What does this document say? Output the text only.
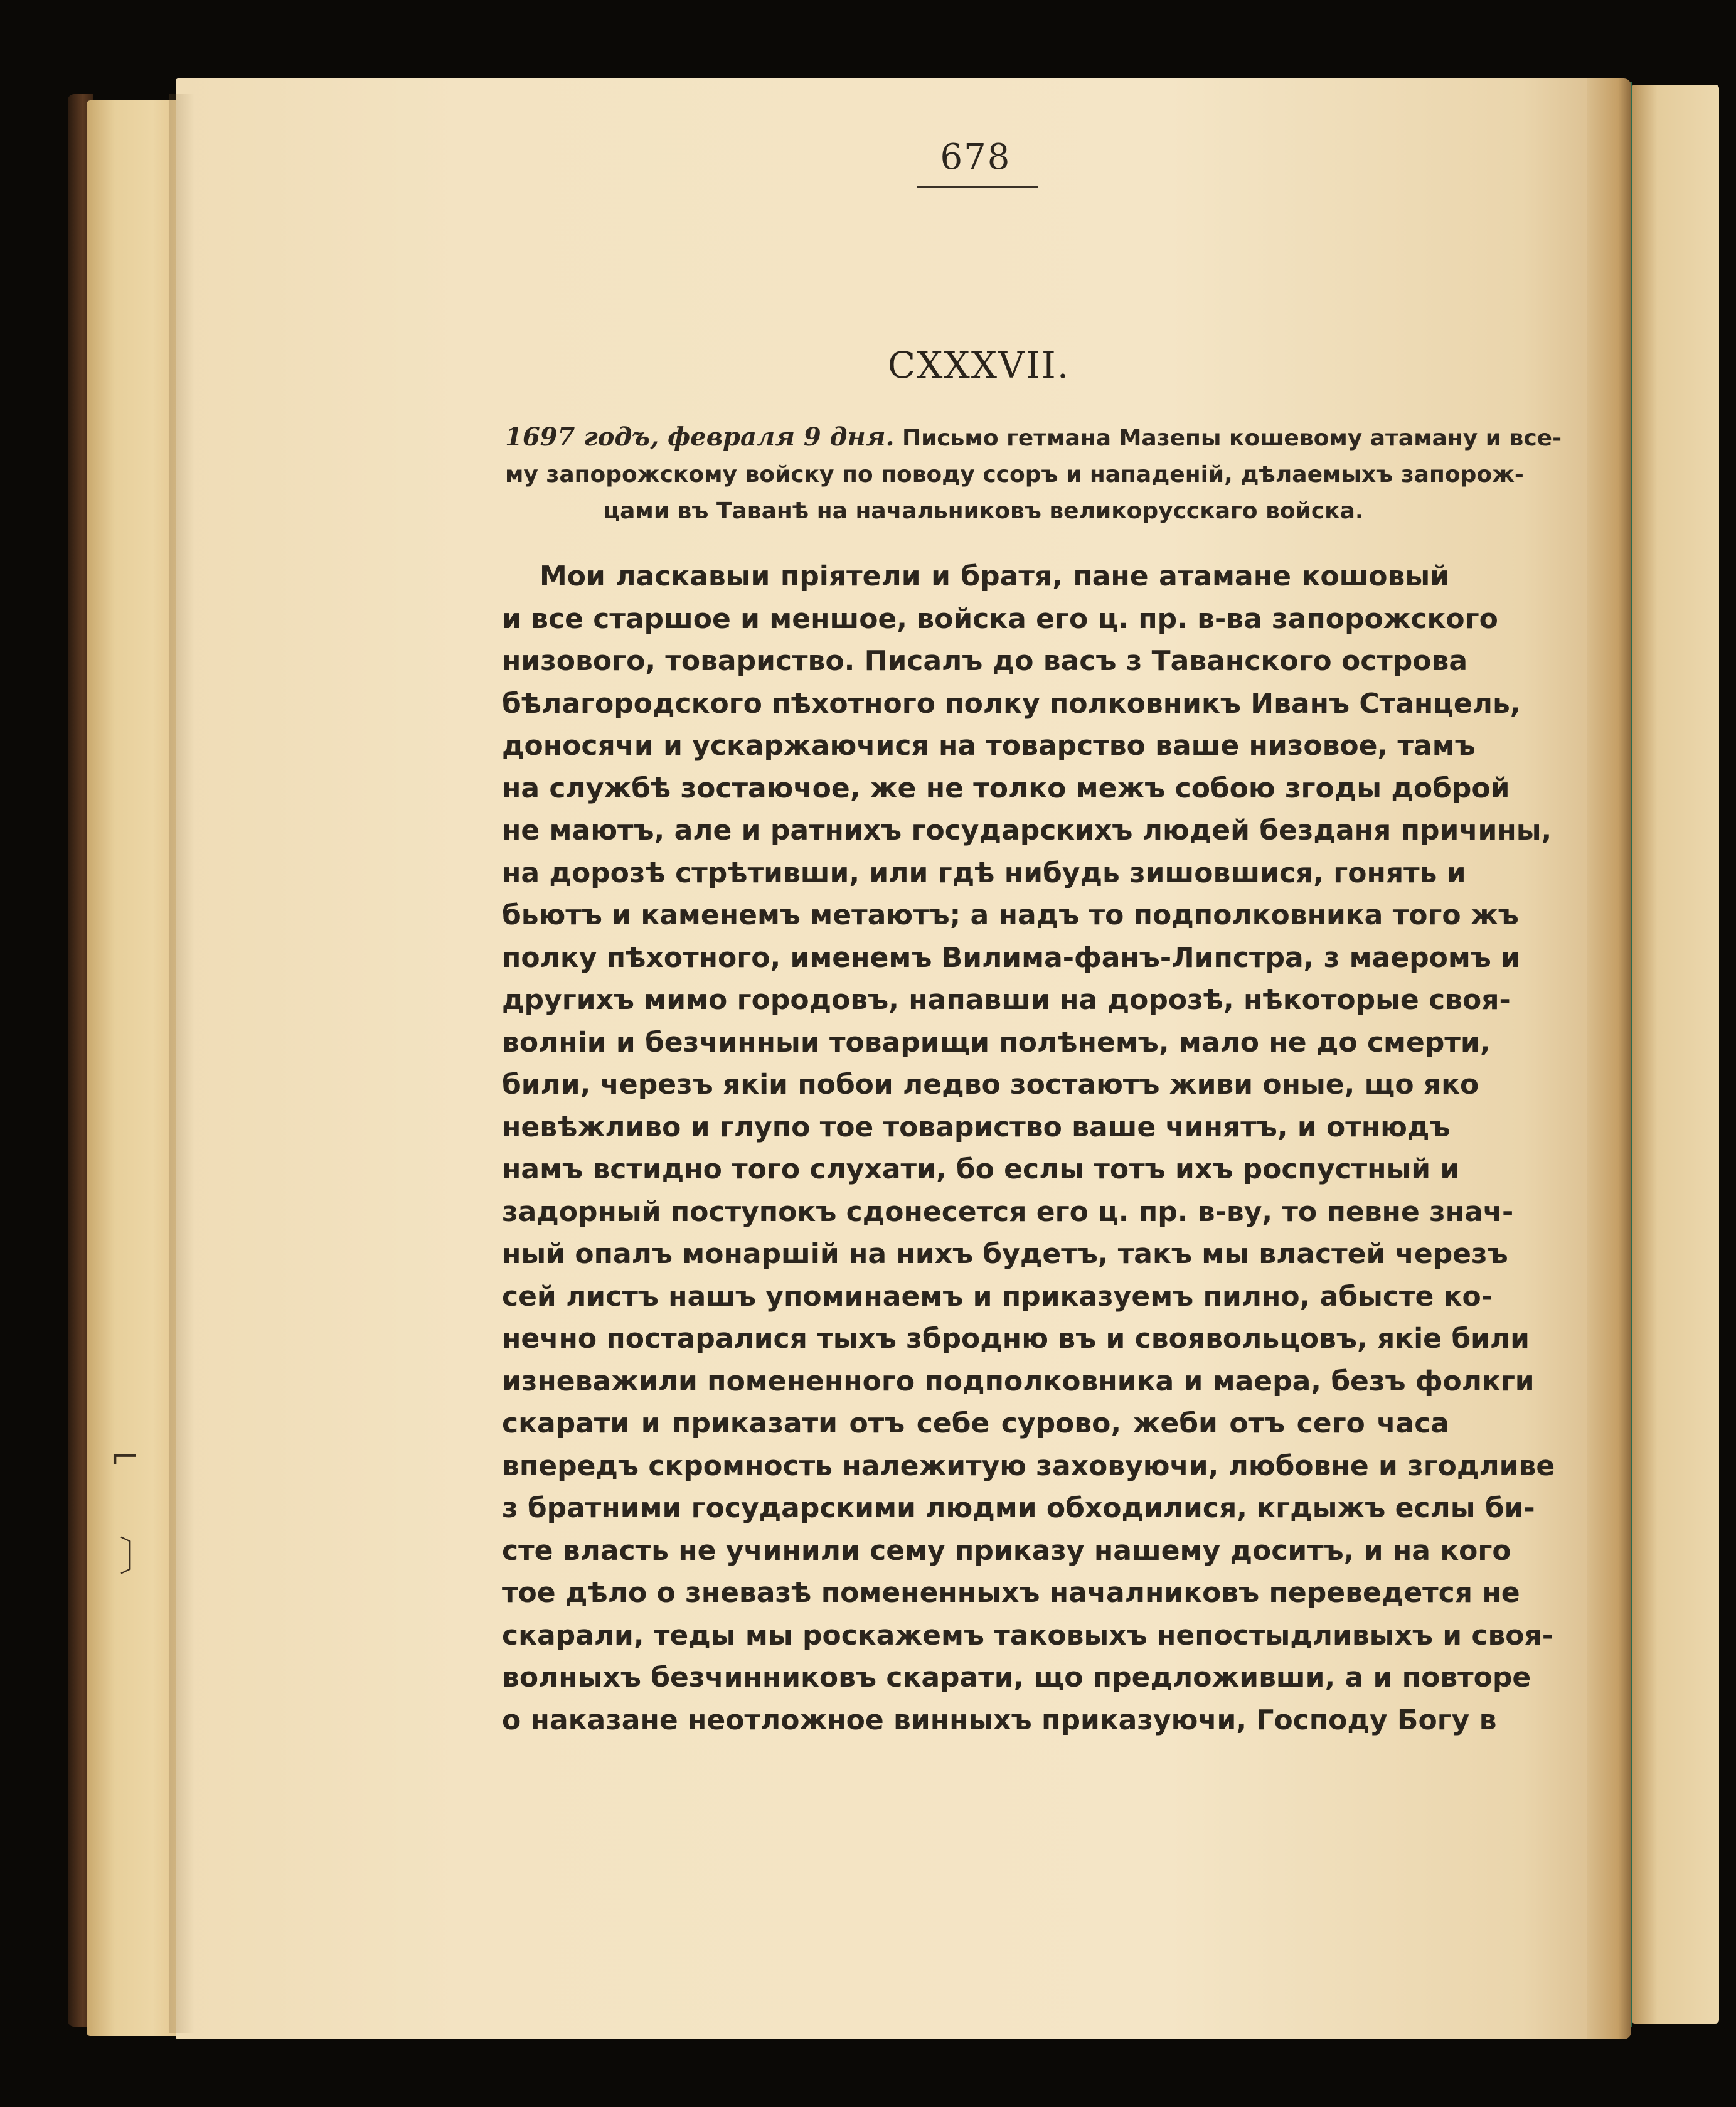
⌐
〕
678
CXXXVII.
1697 годъ, февраля 9 дня. Письмо гетмана Мазепы кошевому атаману и все-
му запорожскому войску по поводу ссоръ и нападеній, дѣлаемыхъ запорож-
цами въ Таванѣ на начальниковъ великорусскаго войска.
Мои ласкавыи пріятели и братя, пане атамане кошовый
и все старшое и меншое, войска его ц. пр. в-ва запорожского
низового, товариство. Писалъ до васъ з Таванского острова
бѣлагородского пѣхотного полку полковникъ Иванъ Станцель,
доносячи и ускаржаючися на товарство ваше низовое, тамъ
на службѣ зостаючое, же не толко межъ собою згоды доброй
не маютъ, але и ратнихъ государскихъ людей безданя причины,
на дорозѣ стрѣтивши, или гдѣ нибудь зишовшися, гонять и
бьютъ и каменемъ метаютъ; а надъ то подполковника того жъ
полку пѣхотного, именемъ Вилима-фанъ-Липстра, з маеромъ и
другихъ мимо городовъ, напавши на дорозѣ, нѣкоторые своя-
волніи и безчинныи товарищи полѣнемъ, мало не до смерти,
били, черезъ якіи побои ледво зостаютъ живи оные, що яко
невѣжливо и глупо тое товариство ваше чинятъ, и отнюдъ
намъ встидно того слухати, бо еслы тотъ ихъ роспустный и
задорный поступокъ сдонесется его ц. пр. в-ву, то певне знач-
ный опалъ монаршій на нихъ будетъ, такъ мы властей черезъ
сей листъ нашъ упоминаемъ и приказуемъ пилно, абысте ко-
нечно постаралися тыхъ збродню въ и своявольцовъ, якіе били
изневажили помененного подполковника и маера, безъ фолкги
скарати и приказати отъ себе сурово, жеби отъ сего часа
впередъ скромность належитую заховуючи, любовне и згодливе
з братними государскими людми обходилися, кгдыжъ еслы би-
сте власть не учинили сему приказу нашему доситъ, и на кого
тое дѣло о зневазѣ помененныхъ началниковъ переведется не
скарали, теды мы роскажемъ таковыхъ непостыдливыхъ и своя-
волныхъ безчинниковъ скарати, що предложивши, а и повторе
о наказане неотложное винныхъ приказуючи, Господу Богу в
